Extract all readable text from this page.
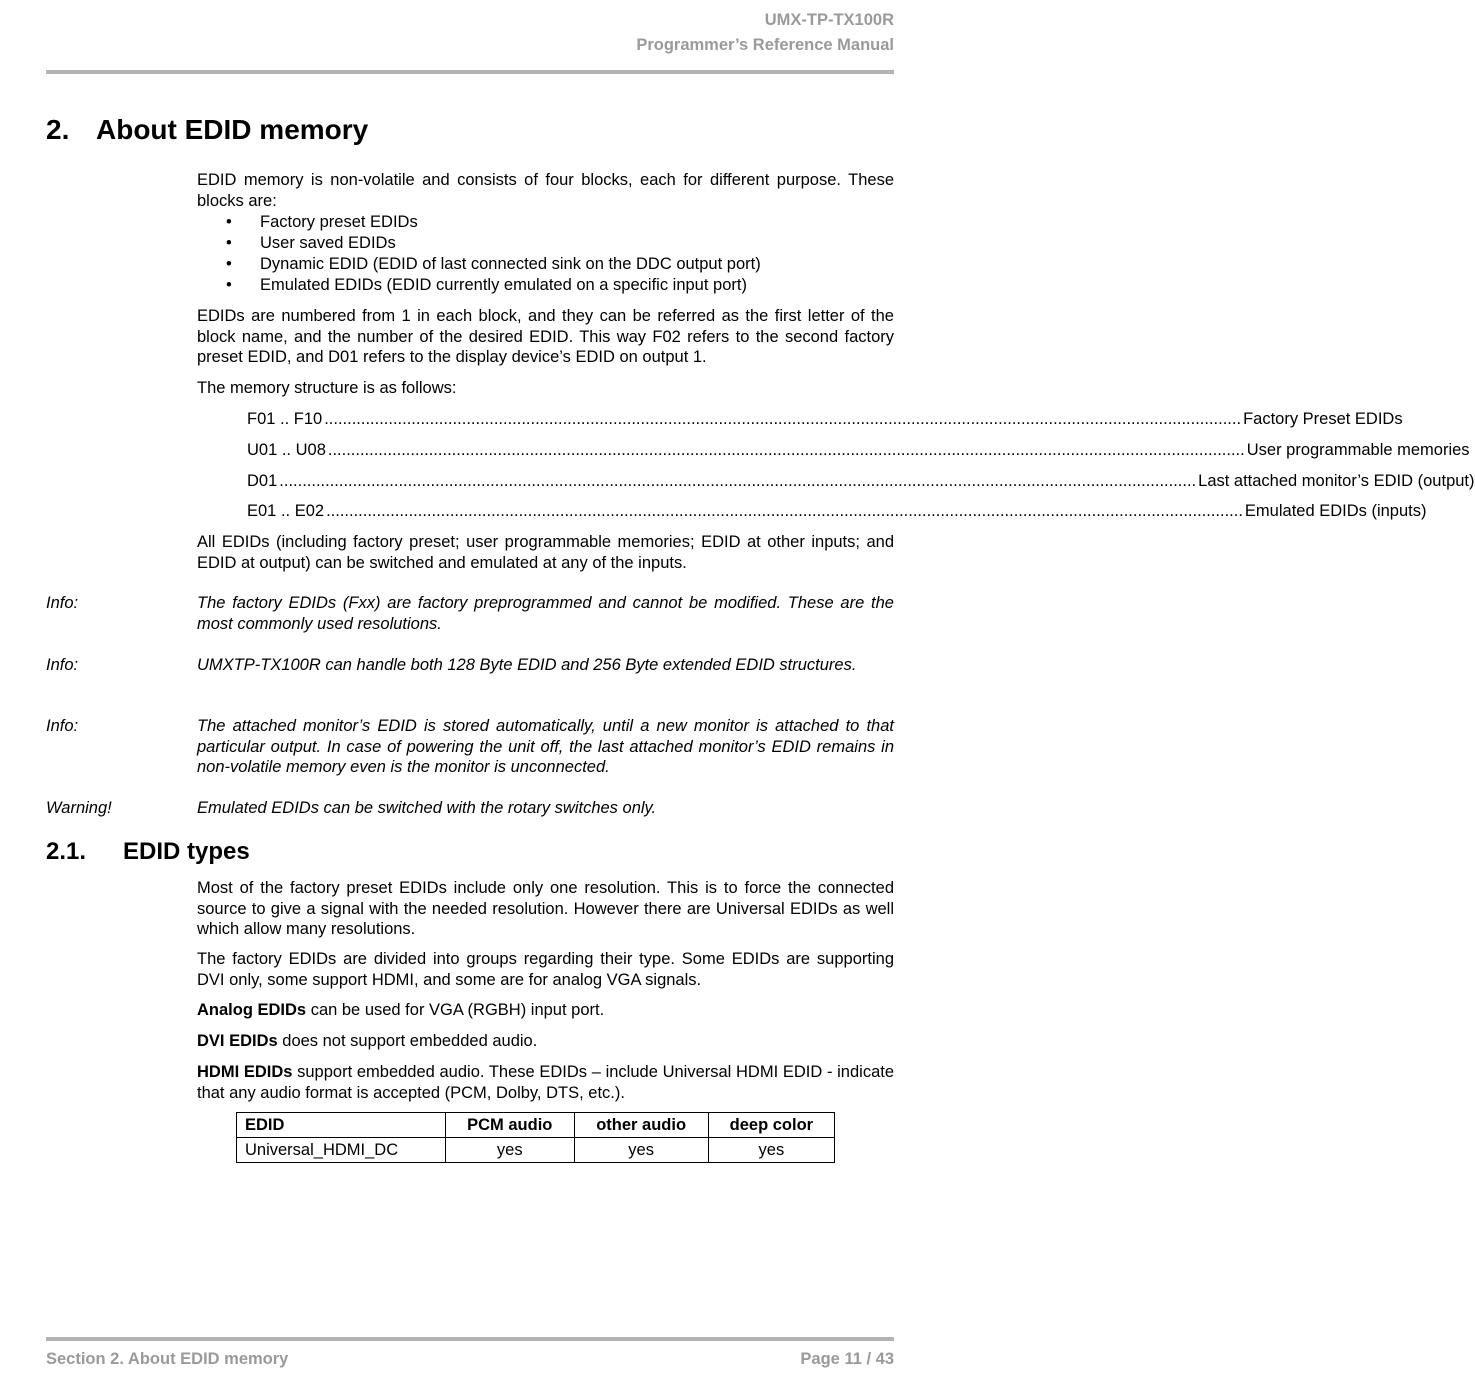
UMX-TP-TX100R
Programmer’s Reference Manual
2. About EDID memory
EDID memory is non-volatile and consists of four blocks, each for different purpose. These blocks are:
• Factory preset EDIDs
• User saved EDIDs
• Dynamic EDID (EDID of last connected sink on the DDC output port)
• Emulated EDIDs (EDID currently emulated on a specific input port)
EDIDs are numbered from 1 in each block, and they can be referred as the first letter of the block name, and the number of the desired EDID. This way F02 refers to the second factory preset EDID, and D01 refers to the display device’s EDID on output 1.
The memory structure is as follows:
F01 .. F10 ........................................................................................................................................................................................................ Factory Preset EDIDs
U01 .. U08 ........................................................................................................................................................................................................ User programmable memories
D01 ........................................................................................................................................................................................................ Last attached monitor’s EDID (output)
E01 .. E02 ........................................................................................................................................................................................................ Emulated EDIDs (inputs)
All EDIDs (including factory preset; user programmable memories; EDID at other inputs; and EDID at output) can be switched and emulated at any of the inputs.
Info:	The factory EDIDs (Fxx) are factory preprogrammed and cannot be modified. These are the most commonly used resolutions.
Info:	UMXTP-TX100R can handle both 128 Byte EDID and 256 Byte extended EDID structures.
Info:	The attached monitor’s EDID is stored automatically, until a new monitor is attached to that particular output. In case of powering the unit off, the last attached monitor’s EDID remains in non-volatile memory even is the monitor is unconnected.
Warning!	Emulated EDIDs can be switched with the rotary switches only.
2.1. EDID types
Most of the factory preset EDIDs include only one resolution. This is to force the connected source to give a signal with the needed resolution. However there are Universal EDIDs as well which allow many resolutions.
The factory EDIDs are divided into groups regarding their type. Some EDIDs are supporting DVI only, some support HDMI, and some are for analog VGA signals.
Analog EDIDs can be used for VGA (RGBH) input port.
DVI EDIDs does not support embedded audio.
HDMI EDIDs support embedded audio. These EDIDs – include Universal HDMI EDID - indicate that any audio format is accepted (PCM, Dolby, DTS, etc.).
EDID	PCM audio	other audio	deep color
Universal_HDMI_DC	yes	yes	yes
Section 2. About EDID memory	Page 11 / 43
